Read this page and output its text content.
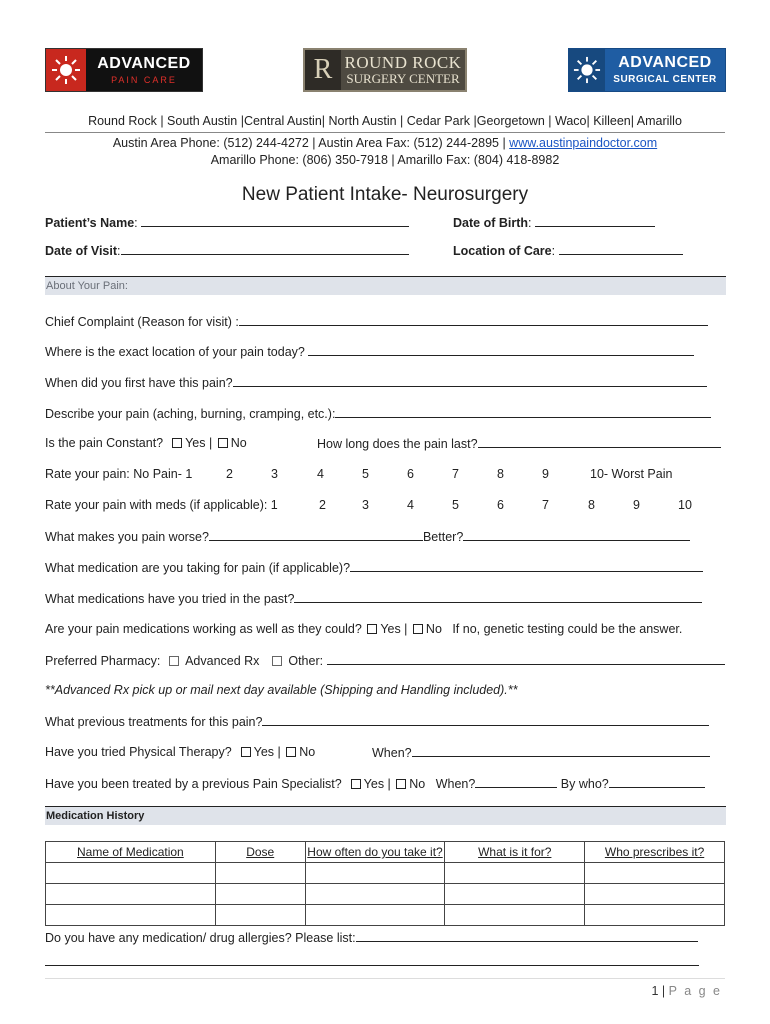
ADVANCED
PAIN CARE	R ROUND ROCK
SURGERY CENTER
ADVANCED
SURGICAL CENTER
Round Rock | South Austin |Central Austin| North Austin | Cedar Park |Georgetown | Waco| Killeen| Amarillo
Austin Area Phone: (512) 244-4272 | Austin Area Fax: (512) 244-2895 | www.austinpaindoctor.com
Amarillo Phone: (806) 350-7918 | Amarillo Fax: (804) 418-8982
New Patient Intake- Neurosurgery
Patient’s Name:	Date of Birth:
Date of Visit:	Location of Care:
About Your Pain:
Chief Complaint (Reason for visit) :
Where is the exact location of your pain today?
When did you first have this pain?
Describe your pain (aching, burning, cramping, etc.):
Is the pain Constant? Yes | No	How long does the pain last?
Rate your pain: No Pain- 1	2	3	4	5	6	7	8	9	10- Worst Pain
Rate your pain with meds (if applicable): 1	2	3	4	5	6	7	8	9	10
What makes you pain worse?	Better?
What medication are you taking for pain (if applicable)?
What medications have you tried in the past?
Are your pain medications working as well as they could? Yes | No If no, genetic testing could be the answer.
Preferred Pharmacy: Advanced Rx Other:
**Advanced Rx pick up or mail next day available (Shipping and Handling included).**
What previous treatments for this pain?
Have you tried Physical Therapy? Yes | No	When?
Have you been treated by a previous Pain Specialist? Yes | No When?	By who?
Medication History
Name of Medication	Dose	How often do you take it?	What is it for?	Who prescribes it?

Do you have any medication/ drug allergies? Please list:
1 | P a g e
